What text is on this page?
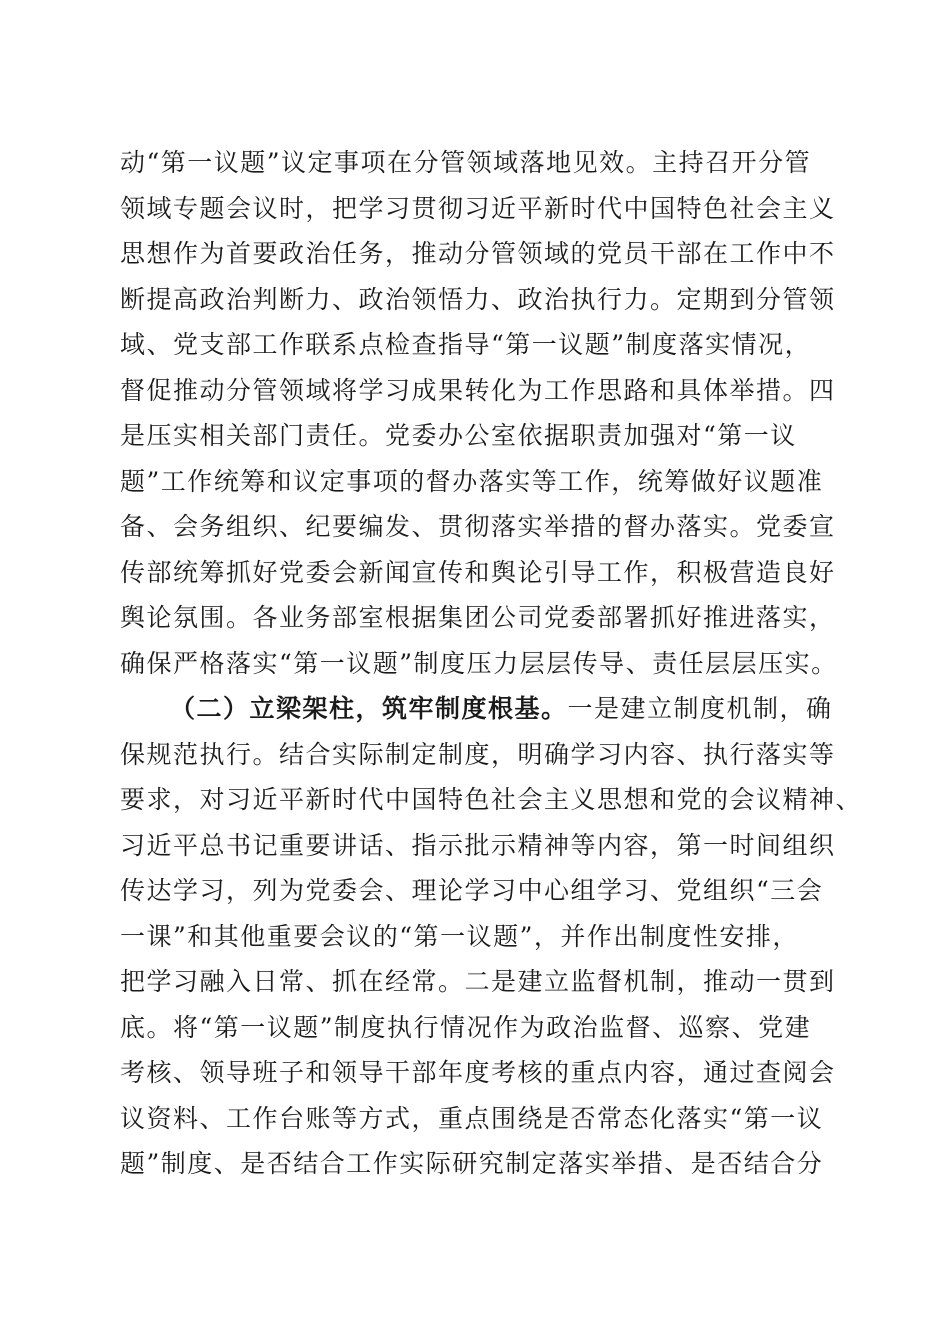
动“第一议题”议定事项在分管领域落地见效。主持召开分管
领域专题会议时，把学习贯彻习近平新时代中国特色社会主义
思想作为首要政治任务，推动分管领域的党员干部在工作中不
断提高政治判断力、政治领悟力、政治执行力。定期到分管领
域、党支部工作联系点检查指导“第一议题”制度落实情况，
督促推动分管领域将学习成果转化为工作思路和具体举措。四
是压实相关部门责任。党委办公室依据职责加强对“第一议
题”工作统筹和议定事项的督办落实等工作，统筹做好议题准
备、会务组织、纪要编发、贯彻落实举措的督办落实。党委宣
传部统筹抓好党委会新闻宣传和舆论引导工作，积极营造良好
舆论氛围。各业务部室根据集团公司党委部署抓好推进落实，
确保严格落实“第一议题”制度压力层层传导、责任层层压实。
（二）立梁架柱，筑牢制度根基。一是建立制度机制，确
保规范执行。结合实际制定制度，明确学习内容、执行落实等
要求，对习近平新时代中国特色社会主义思想和党的会议精神、
习近平总书记重要讲话、指示批示精神等内容，第一时间组织
传达学习，列为党委会、理论学习中心组学习、党组织“三会
一课”和其他重要会议的“第一议题”，并作出制度性安排，
把学习融入日常、抓在经常。二是建立监督机制，推动一贯到
底。将“第一议题”制度执行情况作为政治监督、巡察、党建
考核、领导班子和领导干部年度考核的重点内容，通过查阅会
议资料、工作台账等方式，重点围绕是否常态化落实“第一议
题”制度、是否结合工作实际研究制定落实举措、是否结合分
